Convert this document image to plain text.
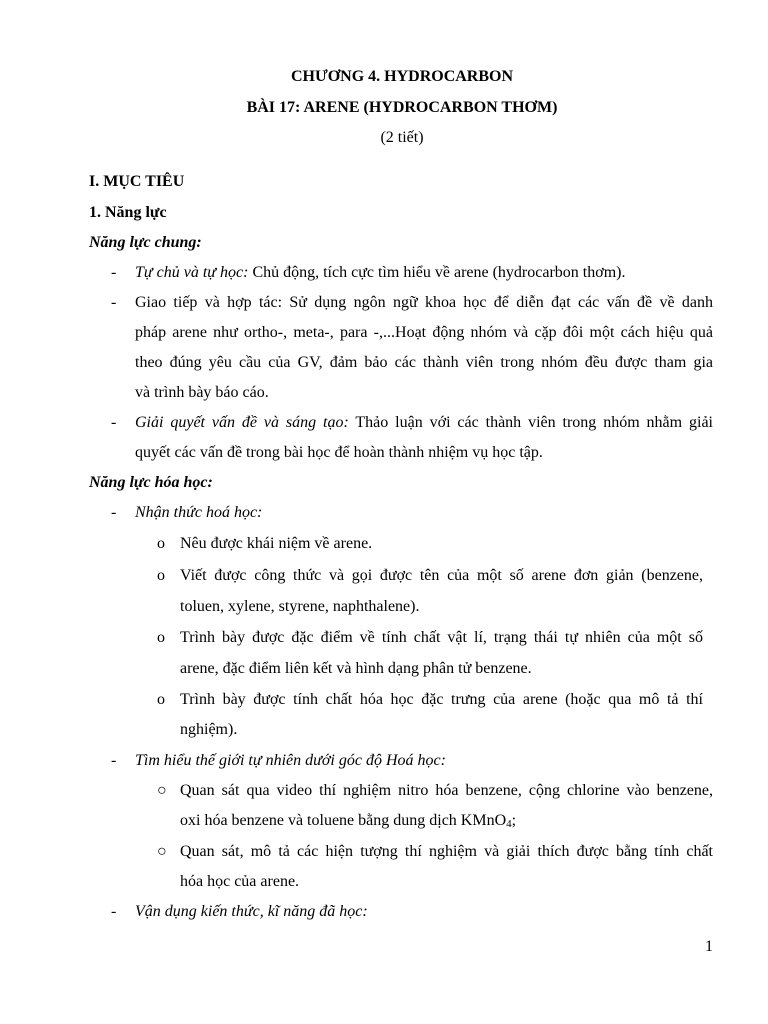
CHƯƠNG 4. HYDROCARBON
BÀI 17: ARENE (HYDROCARBON THƠM)
(2 tiết)
I. MỤC TIÊU
1. Năng lực
Năng lực chung:
- Tự chủ và tự học: Chủ động, tích cực tìm hiểu về arene (hydrocarbon thơm).
- Giao tiếp và hợp tác: Sử dụng ngôn ngữ khoa học để diễn đạt các vấn đề về danh
pháp arene như ortho-, meta-, para -,...Hoạt động nhóm và cặp đôi một cách hiệu quả
theo đúng yêu cầu của GV, đảm bảo các thành viên trong nhóm đều được tham gia
và trình bày báo cáo.
- Giải quyết vấn đề và sáng tạo: Thảo luận với các thành viên trong nhóm nhằm giải
quyết các vấn đề trong bài học để hoàn thành nhiệm vụ học tập.
Năng lực hóa học:
- Nhận thức hoá học:
o Nêu được khái niệm về arene.
o Viết được công thức và gọi được tên của một số arene đơn giản (benzene,
toluen, xylene, styrene, naphthalene).
o Trình bày được đặc điểm về tính chất vật lí, trạng thái tự nhiên của một số
arene, đặc điểm liên kết và hình dạng phân tử benzene.
o Trình bày được tính chất hóa học đặc trưng của arene (hoặc qua mô tả thí
nghiệm).
- Tìm hiểu thế giới tự nhiên dưới góc độ Hoá học:
○ Quan sát qua video thí nghiệm nitro hóa benzene, cộng chlorine vào benzene,
oxi hóa benzene và toluene bằng dung dịch KMnO$_4$;
○ Quan sát, mô tả các hiện tượng thí nghiệm và giải thích được bằng tính chất
hóa học của arene.
- Vận dụng kiến thức, kĩ năng đã học:
1
